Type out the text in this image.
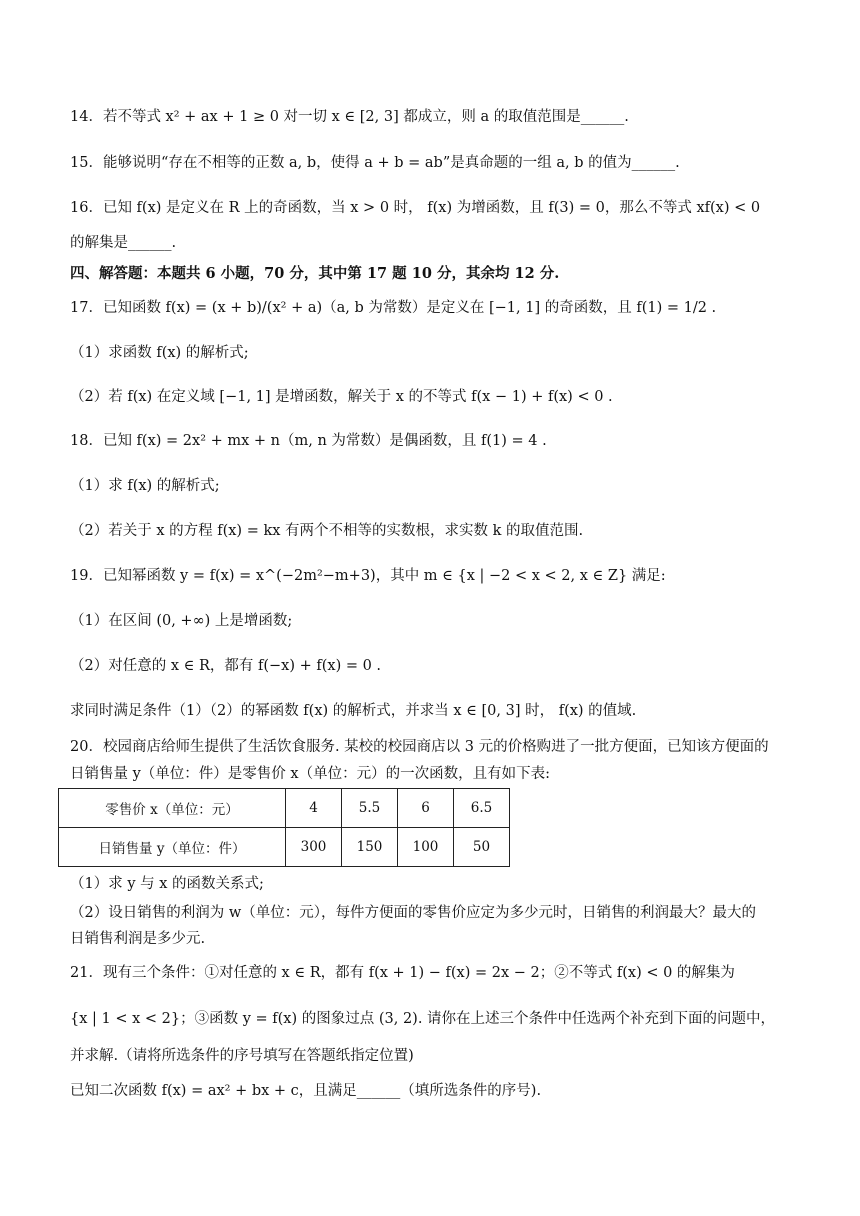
14．若不等式 x² + ax + 1 ≥ 0 对一切 x ∈ [2, 3] 都成立，则 a 的取值范围是______.
15．能够说明“存在不相等的正数 a, b，使得 a + b = ab”是真命题的一组 a, b 的值为______.
16．已知 f(x) 是定义在 R 上的奇函数，当 x > 0 时， f(x) 为增函数，且 f(3) = 0，那么不等式 xf(x) < 0
的解集是______.
四、解答题：本题共 6 小题，70 分，其中第 17 题 10 分，其余均 12 分.
17．已知函数 f(x) = (x + b)/(x² + a)（a, b 为常数）是定义在 [−1, 1] 的奇函数，且 f(1) = 1/2 .
（1）求函数 f(x) 的解析式;
（2）若 f(x) 在定义域 [−1, 1] 是增函数，解关于 x 的不等式 f(x − 1) + f(x) < 0 .
18．已知 f(x) = 2x² + mx + n（m, n 为常数）是偶函数，且 f(1) = 4 .
（1）求 f(x) 的解析式;
（2）若关于 x 的方程 f(x) = kx 有两个不相等的实数根，求实数 k 的取值范围.
19．已知幂函数 y = f(x) = x^(−2m²−m+3)，其中 m ∈ {x | −2 < x < 2, x ∈ Z} 满足:
（1）在区间 (0, +∞) 上是增函数;
（2）对任意的 x ∈ R，都有 f(−x) + f(x) = 0 .
求同时满足条件（1）（2）的幂函数 f(x) 的解析式，并求当 x ∈ [0, 3] 时， f(x) 的值域.
20．校园商店给师生提供了生活饮食服务. 某校的校园商店以 3 元的价格购进了一批方便面，已知该方便面的
日销售量 y（单位：件）是零售价 x（单位：元）的一次函数，且有如下表:
零售价 x（单位：元）	4	5.5	6	6.5
日销售量 y（单位：件）	300	150	100	50
（1）求 y 与 x 的函数关系式;
（2）设日销售的利润为 w（单位：元），每件方便面的零售价应定为多少元时，日销售的利润最大？最大的
日销售利润是多少元.
21．现有三个条件：①对任意的 x ∈ R，都有 f(x + 1) − f(x) = 2x − 2；②不等式 f(x) < 0 的解集为
{x | 1 < x < 2}；③函数 y = f(x) 的图象过点 (3, 2). 请你在上述三个条件中任选两个补充到下面的问题中，
并求解.（请将所选条件的序号填写在答题纸指定位置)
已知二次函数 f(x) = ax² + bx + c，且满足______（填所选条件的序号).
